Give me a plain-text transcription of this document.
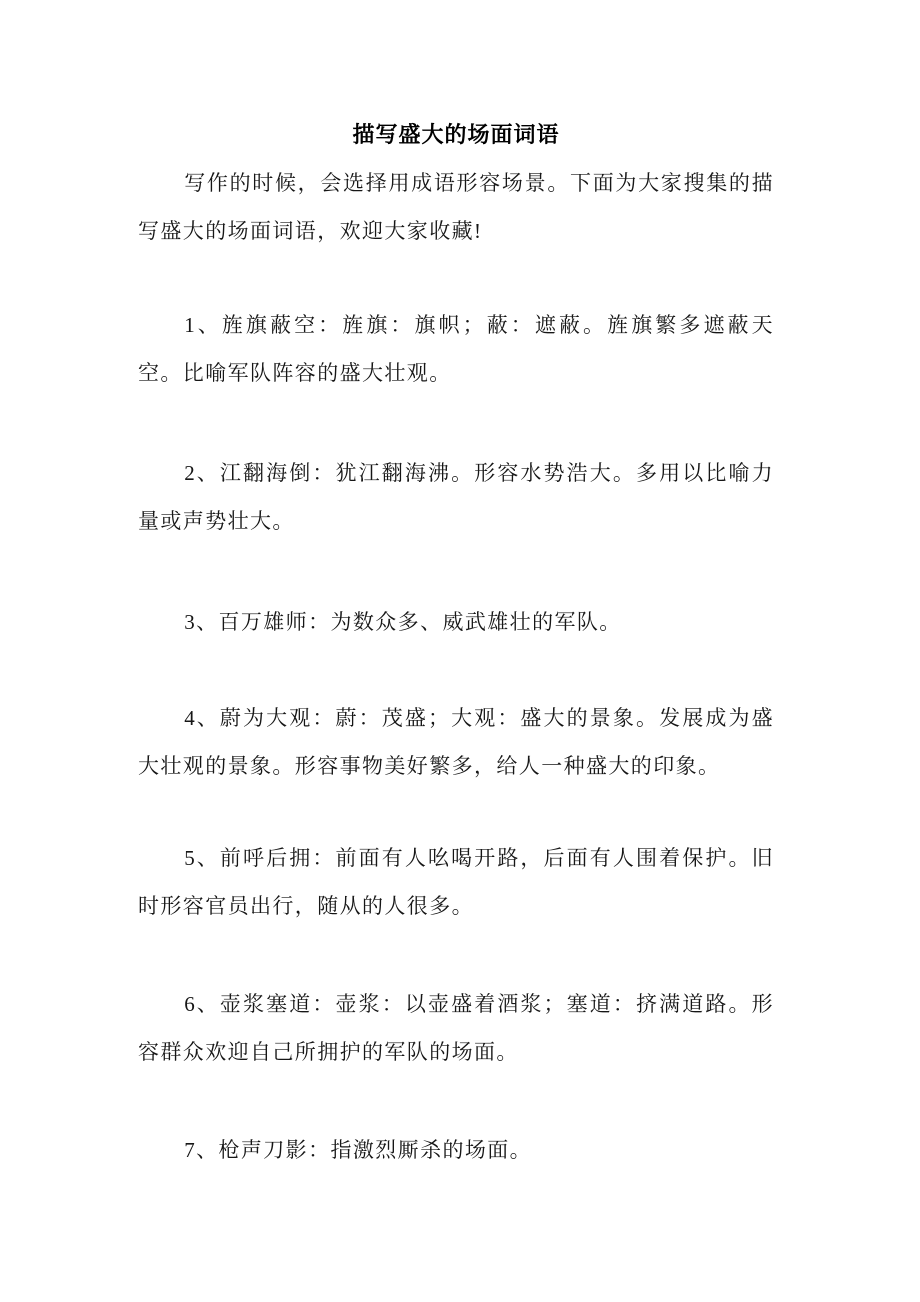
描写盛大的场面词语

写作的时候，会选择用成语形容场景。下面为大家搜集的描写盛大的场面词语，欢迎大家收藏!

1、旌旗蔽空：旌旗：旗帜；蔽：遮蔽。旌旗繁多遮蔽天空。比喻军队阵容的盛大壮观。

2、江翻海倒：犹江翻海沸。形容水势浩大。多用以比喻力量或声势壮大。

3、百万雄师：为数众多、威武雄壮的军队。

4、蔚为大观：蔚：茂盛；大观：盛大的景象。发展成为盛大壮观的景象。形容事物美好繁多，给人一种盛大的印象。

5、前呼后拥：前面有人吆喝开路，后面有人围着保护。旧时形容官员出行，随从的人很多。

6、壶浆塞道：壶浆：以壶盛着酒浆；塞道：挤满道路。形容群众欢迎自己所拥护的军队的场面。

7、枪声刀影：指激烈厮杀的场面。
